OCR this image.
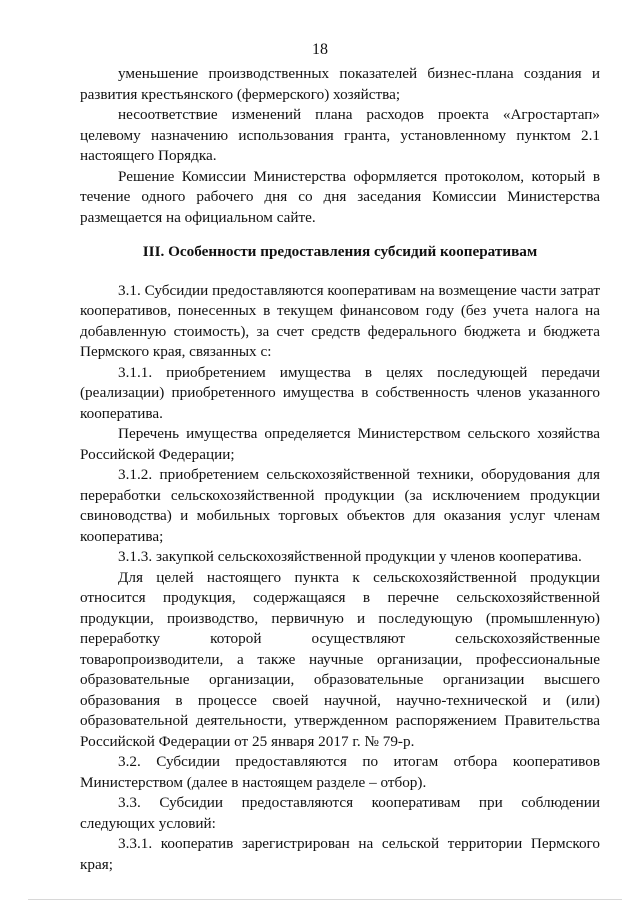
18

уменьшение производственных показателей бизнес-плана создания и развития крестьянского (фермерского) хозяйства;

несоответствие изменений плана расходов проекта «Агростартап» целевому назначению использования гранта, установленному пунктом 2.1 настоящего Порядка.

Решение Комиссии Министерства оформляется протоколом, который в течение одного рабочего дня со дня заседания Комиссии Министерства размещается на официальном сайте.

III. Особенности предоставления субсидий кооперативам

3.1. Субсидии предоставляются кооперативам на возмещение части затрат кооперативов, понесенных в текущем финансовом году (без учета налога на добавленную стоимость), за счет средств федерального бюджета и бюджета Пермского края, связанных с:

3.1.1. приобретением имущества в целях последующей передачи (реализации) приобретенного имущества в собственность членов указанного кооператива.

Перечень имущества определяется Министерством сельского хозяйства Российской Федерации;

3.1.2. приобретением сельскохозяйственной техники, оборудования для переработки сельскохозяйственной продукции (за исключением продукции свиноводства) и мобильных торговых объектов для оказания услуг членам кооператива;

3.1.3. закупкой сельскохозяйственной продукции у членов кооператива.

Для целей настоящего пункта к сельскохозяйственной продукции относится продукция, содержащаяся в перечне сельскохозяйственной продукции, производство, первичную и последующую (промышленную) переработку которой осуществляют сельскохозяйственные товаропроизводители, а также научные организации, профессиональные образовательные организации, образовательные организации высшего образования в процессе своей научной, научно-технической и (или) образовательной деятельности, утвержденном распоряжением Правительства Российской Федерации от 25 января 2017 г. № 79-р.

3.2. Субсидии предоставляются по итогам отбора кооперативов Министерством (далее в настоящем разделе – отбор).

3.3. Субсидии предоставляются кооперативам при соблюдении следующих условий:

3.3.1. кооператив зарегистрирован на сельской территории Пермского края;
